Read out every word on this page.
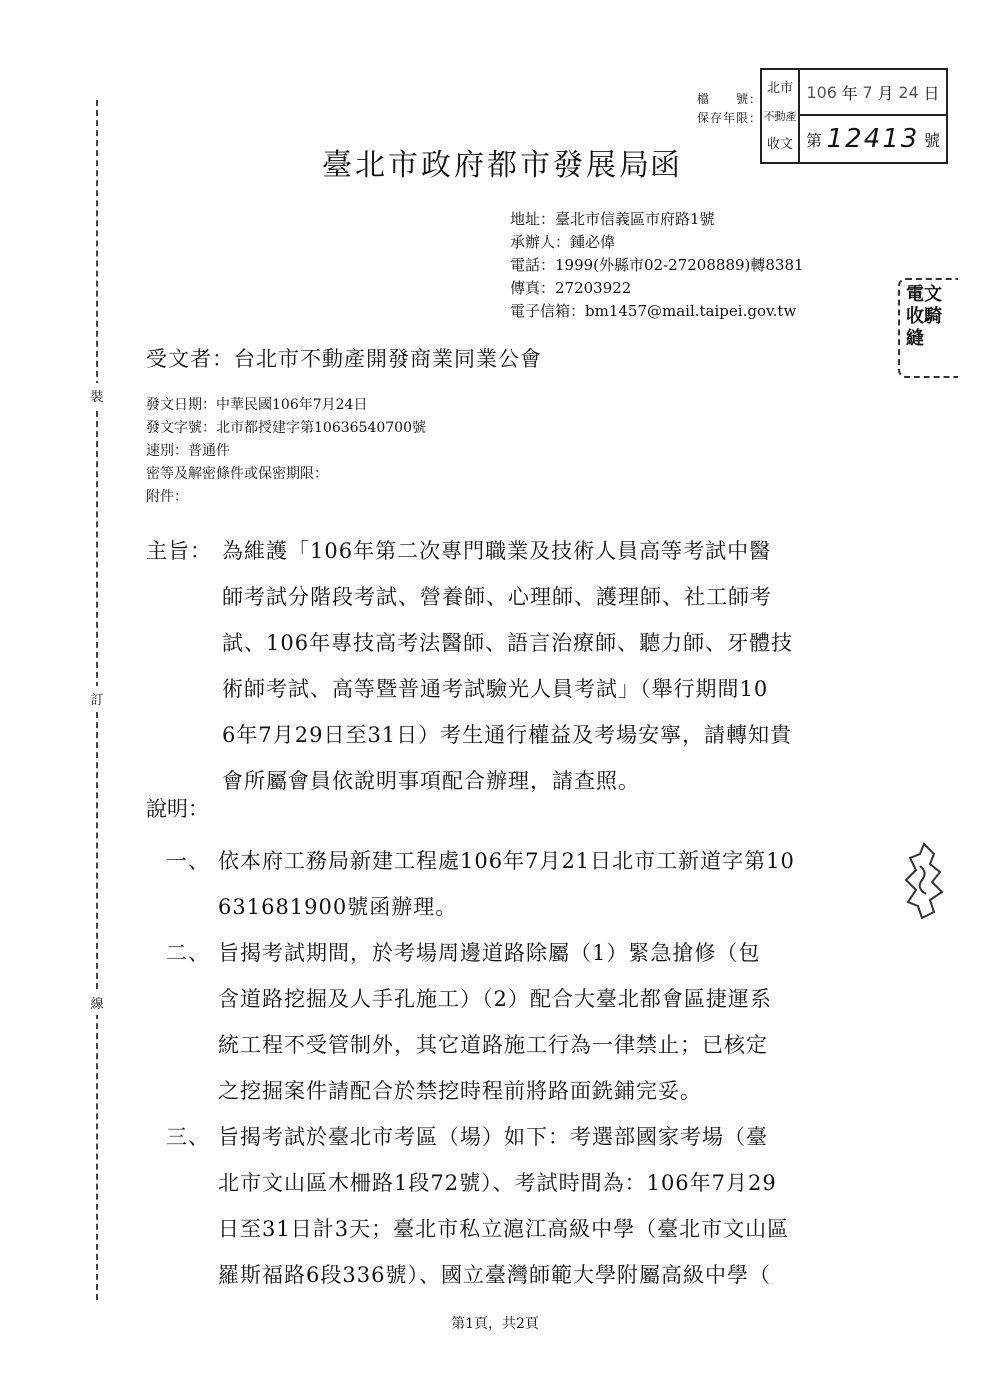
裝
訂
線
檔　　號：
保存年限：
北市
不動產
收文
106 年 7 月 24 日
第 12413 號
電文收騎縫
臺北市政府都市發展局
函
地址：臺北市信義區市府路1號
承辦人：鍾必偉
電話：1999(外縣市02-27208889)轉8381
傳真：27203922
電子信箱：bm1457@mail.taipei.gov.tw
受文者：台北市不動產開發商業同業公會
發文日期：中華民國106年7月24日
發文字號：北市都授建字第10636540700號
速別：普通件
密等及解密條件或保密期限：
附件：
主旨： 為維護「106年第二次專門職業及技術人員高等考試中醫
師考試分階段考試、營養師、心理師、護理師、社工師考
試、106年專技高考法醫師、語言治療師、聽力師、牙體技
術師考試、高等暨普通考試驗光人員考試」（舉行期間10
6年7月29日至31日）考生通行權益及考場安寧，請轉知貴
會所屬會員依說明事項配合辦理，請查照。
說明：
一、 依本府工務局新建工程處106年7月21日北市工新道字第10
631681900號函辦理。
二、 旨揭考試期間，於考場周邊道路除屬（1）緊急搶修（包
含道路挖掘及人手孔施工）（2）配合大臺北都會區捷運系
統工程不受管制外，其它道路施工行為一律禁止；已核定
之挖掘案件請配合於禁挖時程前將路面銑鋪完妥。
三、 旨揭考試於臺北市考區（場）如下：考選部國家考場（臺
北市文山區木柵路1段72號）、考試時間為：106年7月29
日至31日計3天；臺北市私立滬江高級中學（臺北市文山區
羅斯福路6段336號）、國立臺灣師範大學附屬高級中學（
第1頁，共2頁
